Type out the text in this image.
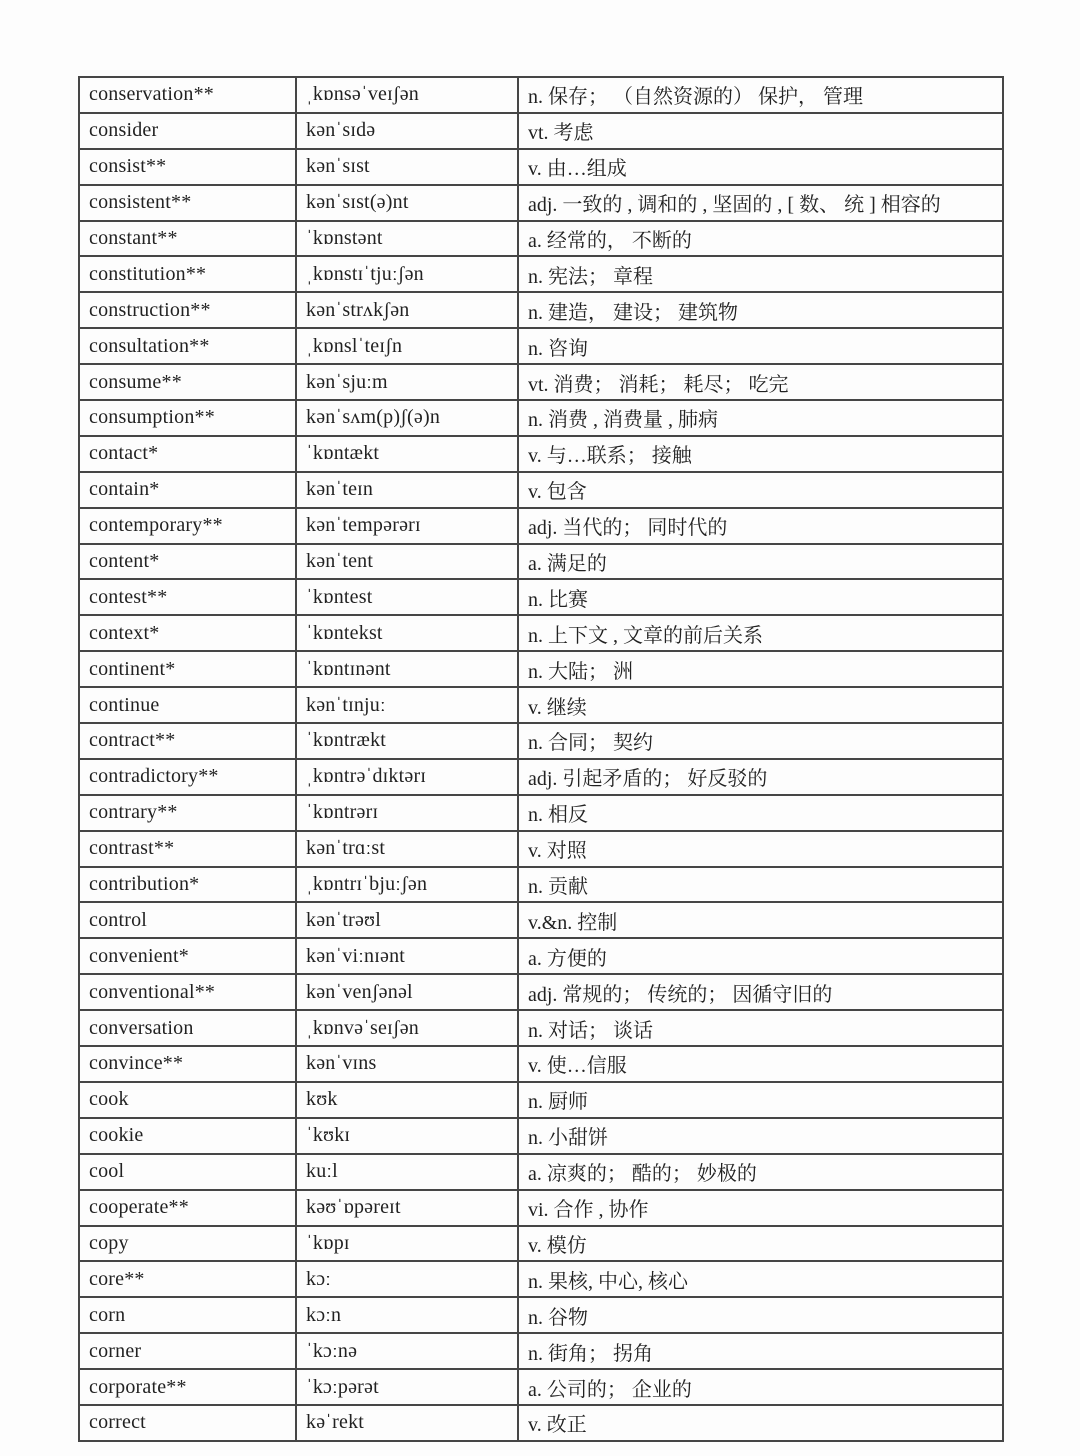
conservation**	ˌkɒnsəˈveɪʃən	n. 保存； （自然资源的） 保护， 管理
consider	kənˈsɪdə	vt. 考虑
consist**	kənˈsɪst	v. 由…组成
consistent**	kənˈsɪst(ə)nt	adj. 一致的 , 调和的 , 坚固的 , [ 数、 统 ] 相容的
constant**	ˈkɒnstənt	a. 经常的， 不断的
constitution**	ˌkɒnstɪˈtjuːʃən	n. 宪法； 章程
construction**	kənˈstrʌkʃən	n. 建造， 建设； 建筑物
consultation**	ˌkɒnslˈteɪʃn	n. 咨询
consume**	kənˈsjuːm	vt. 消费； 消耗； 耗尽； 吃完
consumption**	kənˈsʌm(p)ʃ(ə)n	n. 消费 , 消费量 , 肺病
contact*	ˈkɒntækt	v. 与…联系； 接触
contain*	kənˈteɪn	v. 包含
contemporary**	kənˈtempərərɪ	adj. 当代的； 同时代的
content*	kənˈtent	a. 满足的
contest**	ˈkɒntest	n. 比赛
context*	ˈkɒntekst	n. 上下文 , 文章的前后关系
continent*	ˈkɒntɪnənt	n. 大陆； 洲
continue	kənˈtɪnjuː	v. 继续
contract**	ˈkɒntrækt	n. 合同； 契约
contradictory**	ˌkɒntrəˈdɪktərɪ	adj. 引起矛盾的； 好反驳的
contrary**	ˈkɒntrərɪ	n. 相反
contrast**	kənˈtrɑːst	v. 对照
contribution*	ˌkɒntrɪˈbjuːʃən	n. 贡献
control	kənˈtrəʊl	v.&n. 控制
convenient*	kənˈviːnɪənt	a. 方便的
conventional**	kənˈvenʃənəl	adj. 常规的； 传统的； 因循守旧的
conversation	ˌkɒnvəˈseɪʃən	n. 对话； 谈话
convince**	kənˈvɪns	v. 使…信服
cook	kʊk	n. 厨师
cookie	ˈkʊkɪ	n. 小甜饼
cool	kuːl	a. 凉爽的； 酷的； 妙极的
cooperate**	kəʊˈɒpəreɪt	vi. 合作 , 协作
copy	ˈkɒpɪ	v. 模仿
core**	kɔː	n. 果核, 中心, 核心
corn	kɔːn	n. 谷物
corner	ˈkɔːnə	n. 街角； 拐角
corporate**	ˈkɔːpərət	a. 公司的； 企业的
correct	kəˈrekt	v. 改正
